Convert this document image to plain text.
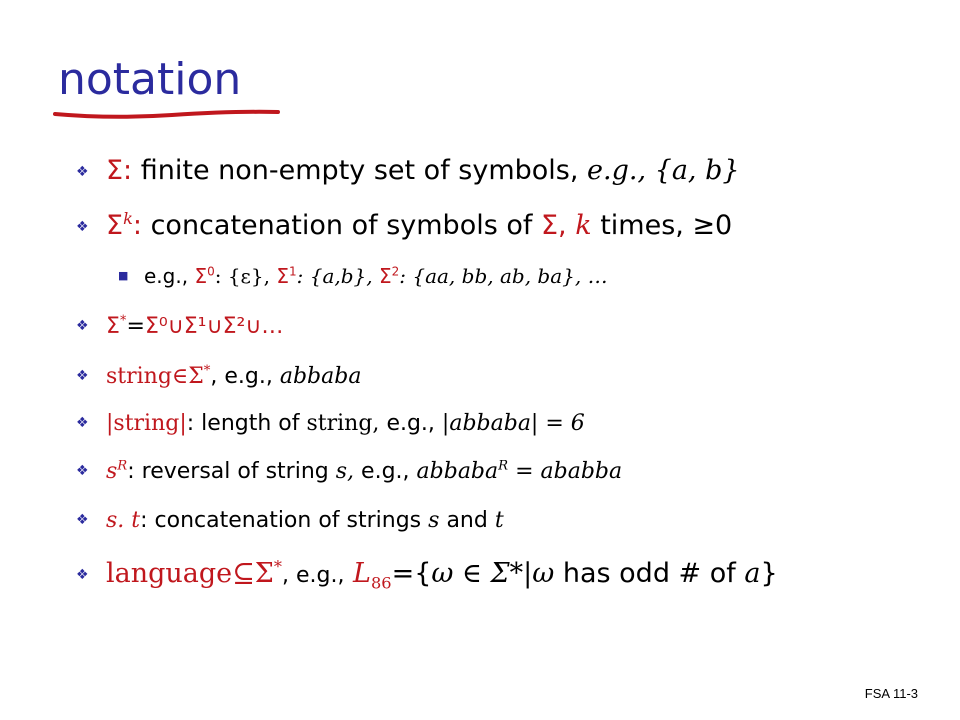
notation
❖ Σ:
finite non-empty set of symbols,
e.g.,
{a, b}
❖ $\Sigma^k$:
concatenation of symbols of
Σ,
k
times, ≥0
■ e.g.,
$\Sigma^0$ : {ε},
$\Sigma^1$ : {a,b},
$\Sigma^2$ : {aa, bb, ab, ba}, …
❖ Σ* = Σ⁰∪Σ¹∪Σ²∪…
❖ string∈Σ* , e.g.,
abbaba
❖ |string| : length of
string,
e.g.,
|abbaba| = 6
❖ $s^R$ : reversal of string
s,
e.g.,
abbaba$^R$
= ababba
❖ s. t : concatenation of strings
s
and
t
❖ language⊆Σ* , e.g.,
$L_{86}$ ={ ω ∈ Σ*|ω
has odd # of
a }
FSA 11-3
